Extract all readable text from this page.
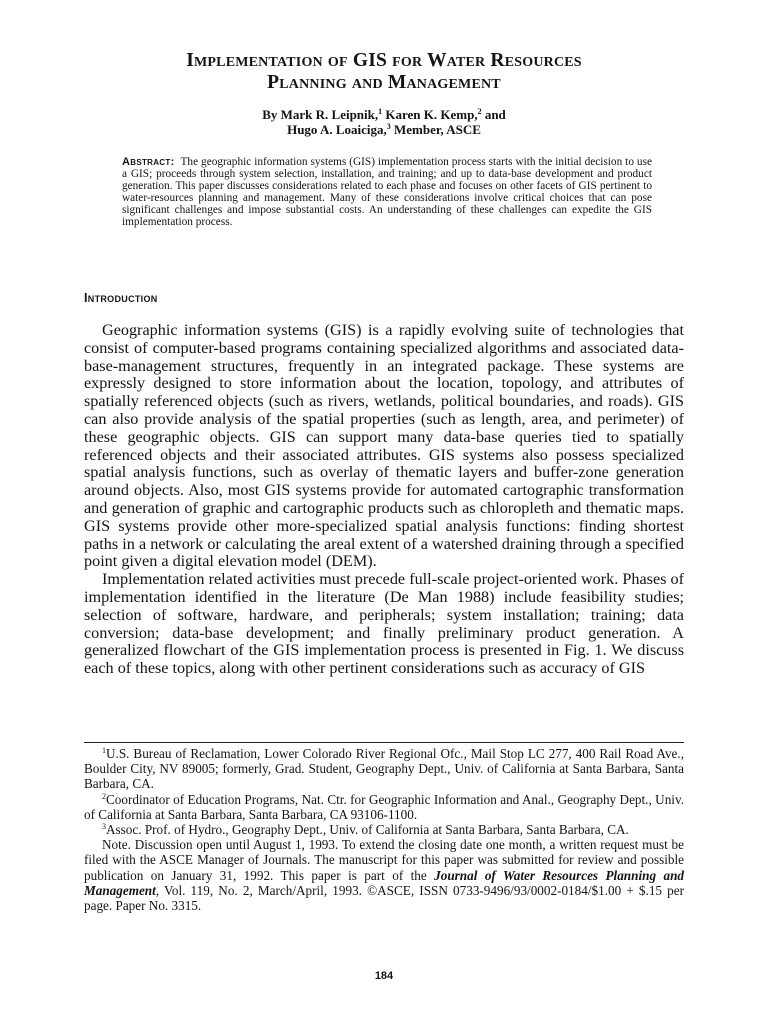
Implementation of GIS for Water Resources
Planning and Management
By Mark R. Leipnik,$^1$ Karen K. Kemp,$^2$ and
Hugo A. Loaiciga,$^3$ Member, ASCE
Abstract: The geographic information systems (GIS) implementation process starts with the initial decision to use a GIS; proceeds through system selection, installation, and training; and up to data-base development and product generation. This paper discusses considerations related to each phase and focuses on other facets of GIS pertinent to water-resources planning and management. Many of these considerations involve critical choices that can pose significant challenges and impose substantial costs. An understanding of these challenges can expedite the GIS implementation process.
Introduction

Geographic information systems (GIS) is a rapidly evolving suite of technologies that consist of computer-based programs containing specialized algorithms and associated data-base-management structures, frequently in an integrated package. These systems are expressly designed to store information about the location, topology, and attributes of spatially referenced objects (such as rivers, wetlands, political boundaries, and roads). GIS can also provide analysis of the spatial properties (such as length, area, and perimeter) of these geographic objects. GIS can support many data-base queries tied to spatially referenced objects and their associated attributes. GIS systems also possess specialized spatial analysis functions, such as overlay of thematic layers and buffer-zone generation around objects. Also, most GIS systems provide for automated cartographic transformation and generation of graphic and cartographic products such as chloropleth and thematic maps. GIS systems provide other more-specialized spatial analysis functions: finding shortest paths in a network or calculating the areal extent of a watershed draining through a specified point given a digital elevation model (DEM).

Implementation related activities must precede full-scale project-oriented work. Phases of implementation identified in the literature (De Man 1988) include feasibility studies; selection of software, hardware, and peripherals; system installation; training; data conversion; data-base development; and finally preliminary product generation. A generalized flowchart of the GIS implementation process is presented in Fig. 1. We discuss each of these topics, along with other pertinent considerations such as accuracy of GIS

$^1$U.S. Bureau of Reclamation, Lower Colorado River Regional Ofc., Mail Stop LC 277, 400 Rail Road Ave., Boulder City, NV 89005; formerly, Grad. Student, Geography Dept., Univ. of California at Santa Barbara, Santa Barbara, CA.

$^2$Coordinator of Education Programs, Nat. Ctr. for Geographic Information and Anal., Geography Dept., Univ. of California at Santa Barbara, Santa Barbara, CA 93106-1100.

$^3$Assoc. Prof. of Hydro., Geography Dept., Univ. of California at Santa Barbara, Santa Barbara, CA.

Note. Discussion open until August 1, 1993. To extend the closing date one month, a written request must be filed with the ASCE Manager of Journals. The manuscript for this paper was submitted for review and possible publication on January 31, 1992. This paper is part of the Journal of Water Resources Planning and Management, Vol. 119, No. 2, March/April, 1993. ©ASCE, ISSN 0733-9496/93/0002-0184/$1.00 + $.15 per page. Paper No. 3315.

184
